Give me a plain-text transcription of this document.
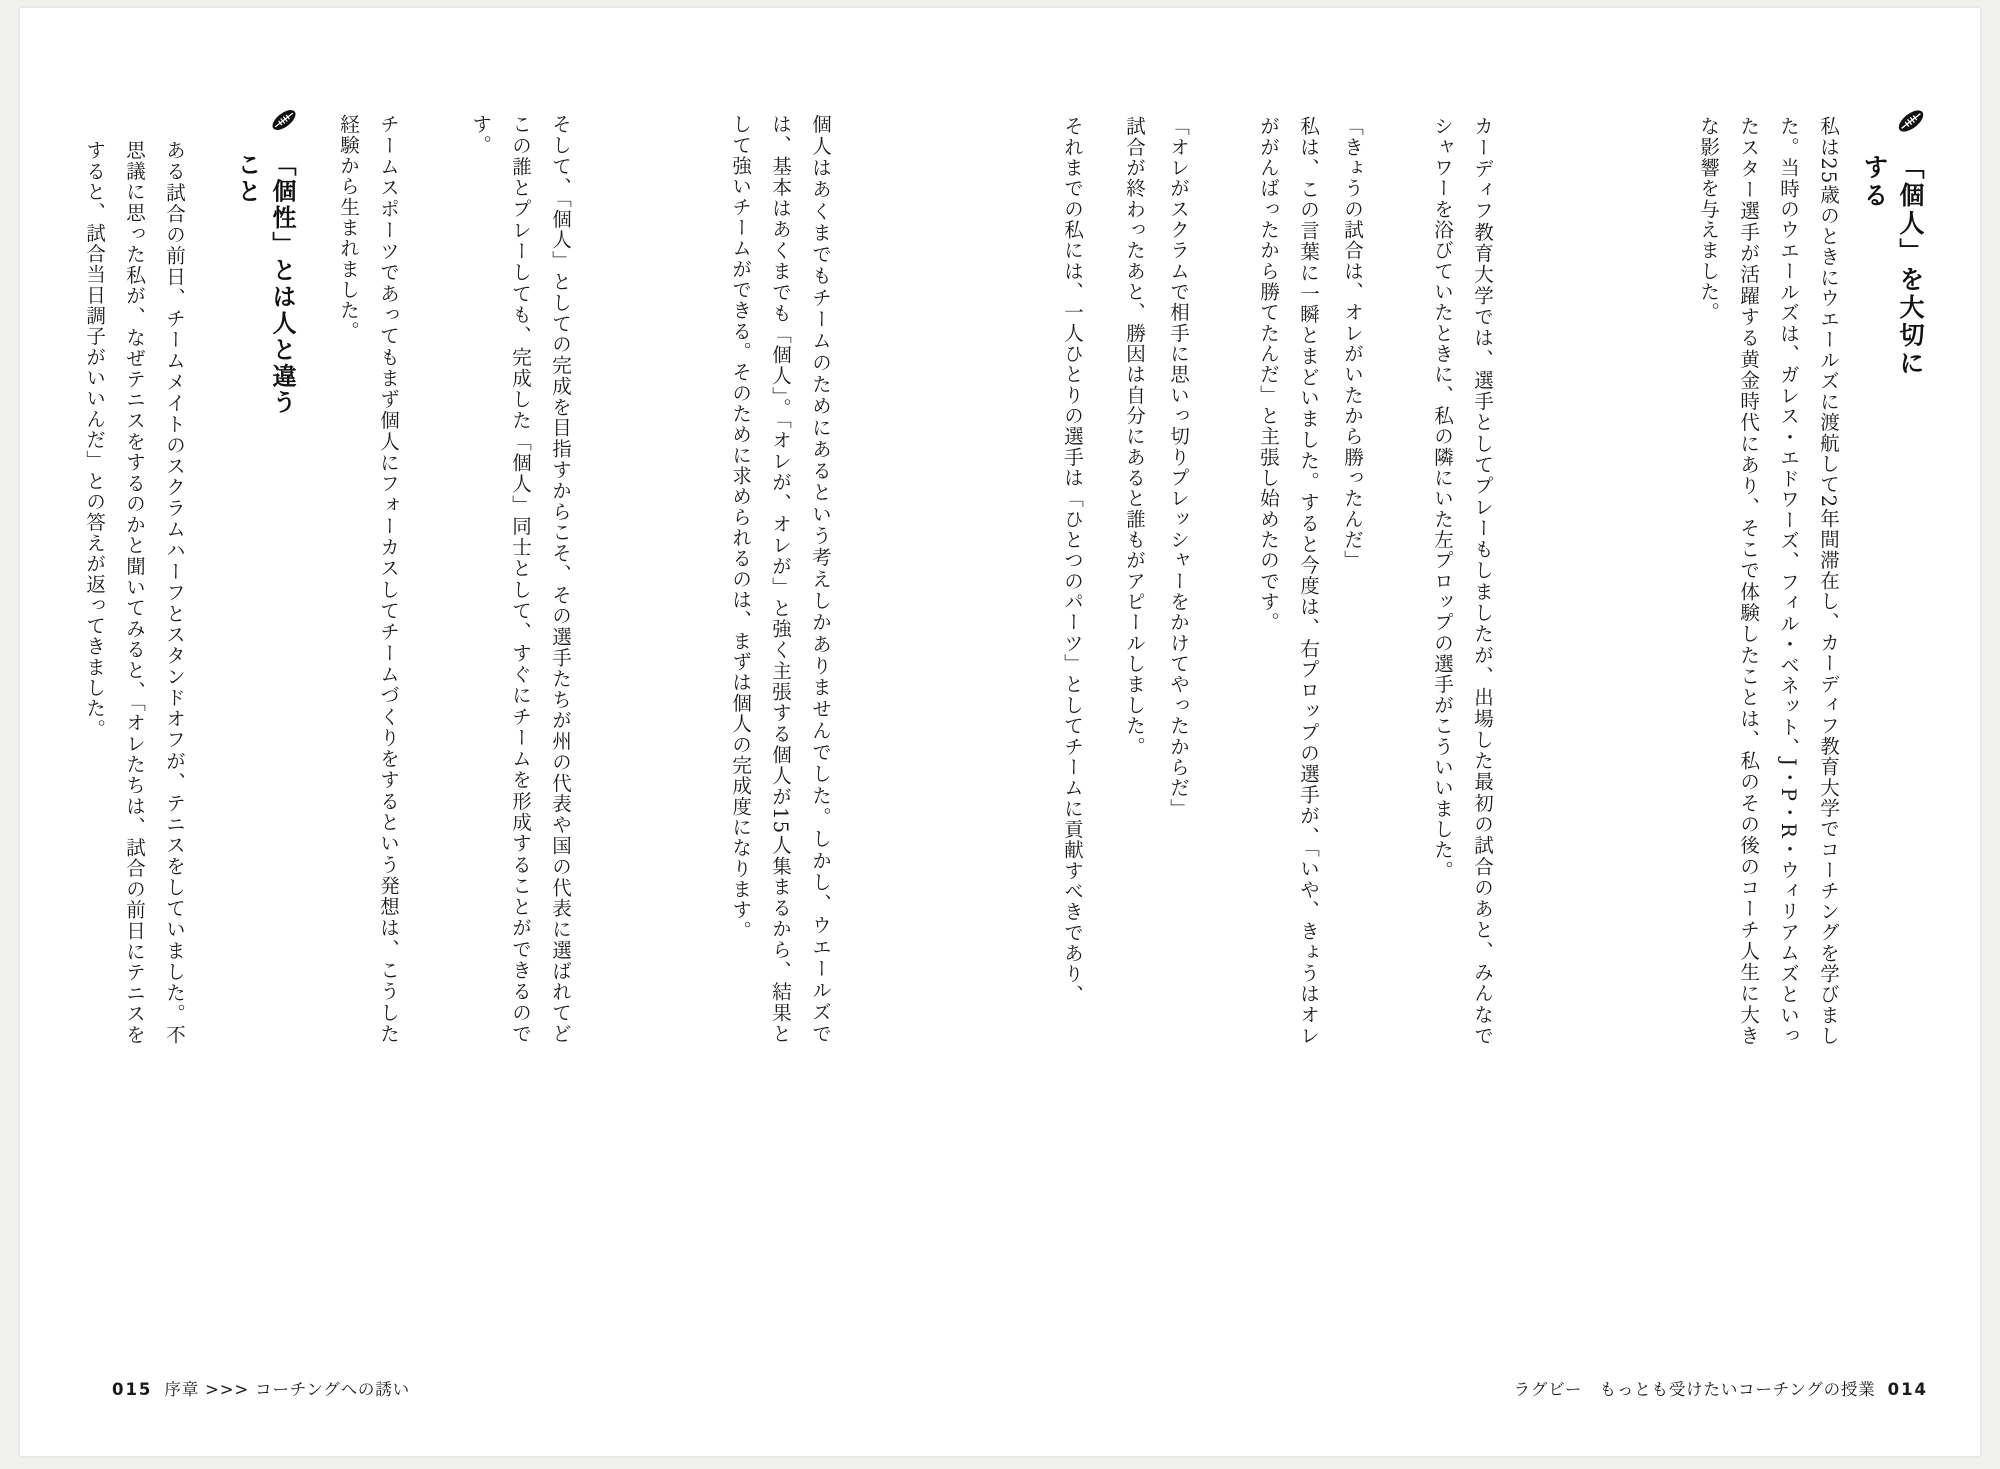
「個人」を大切にする
私は25歳のときにウエールズに渡航して2年間滞在し、カーディフ教育大学でコーチングを学びました。当時のウエールズは、ガレス・エドワーズ、フィル・ベネット、J・P・R・ウィリアムズといったスター選手が活躍する黄金時代にあり、そこで体験したことは、私のその後のコーチ人生に大きな影響を与えました。
カーディフ教育大学では、選手としてプレーもしましたが、出場した最初の試合のあと、みんなでシャワーを浴びていたときに、私の隣にいた左プロップの選手がこういいました。
「きょうの試合は、オレがいたから勝ったんだ」
私は、この言葉に一瞬とまどいました。すると今度は、右プロップの選手が、「いや、きょうはオレががんばったから勝てたんだ」と主張し始めたのです。
「オレがスクラムで相手に思いっ切りプレッシャーをかけてやったからだ」
試合が終わったあと、勝因は自分にあると誰もがアピールしました。
それまでの私には、一人ひとりの選手は「ひとつのパーツ」としてチームに貢献すべきであり、
ラグビー　もっとも受けたいコーチングの授業 014
個人はあくまでもチームのためにあるという考えしかありませんでした。しかし、ウエールズでは、基本はあくまでも「個人」。「オレが、オレが」と強く主張する個人が15人集まるから、結果として強いチームができる。そのために求められるのは、まずは個人の完成度になります。
そして、「個人」としての完成を目指すからこそ、その選手たちが州の代表や国の代表に選ばれてどこの誰とプレーしても、完成した「個人」同士として、すぐにチームを形成することができるのです。
チームスポーツであってもまず個人にフォーカスしてチームづくりをするという発想は、こうした経験から生まれました。
「個性」とは人と違うこと
ある試合の前日、チームメイトのスクラムハーフとスタンドオフが、テニスをしていました。不思議に思った私が、なぜテニスをするのかと聞いてみると、「オレたちは、試合の前日にテニスをすると、試合当日調子がいいんだ」との答えが返ってきました。
015 序章 >>> コーチングへの誘い
